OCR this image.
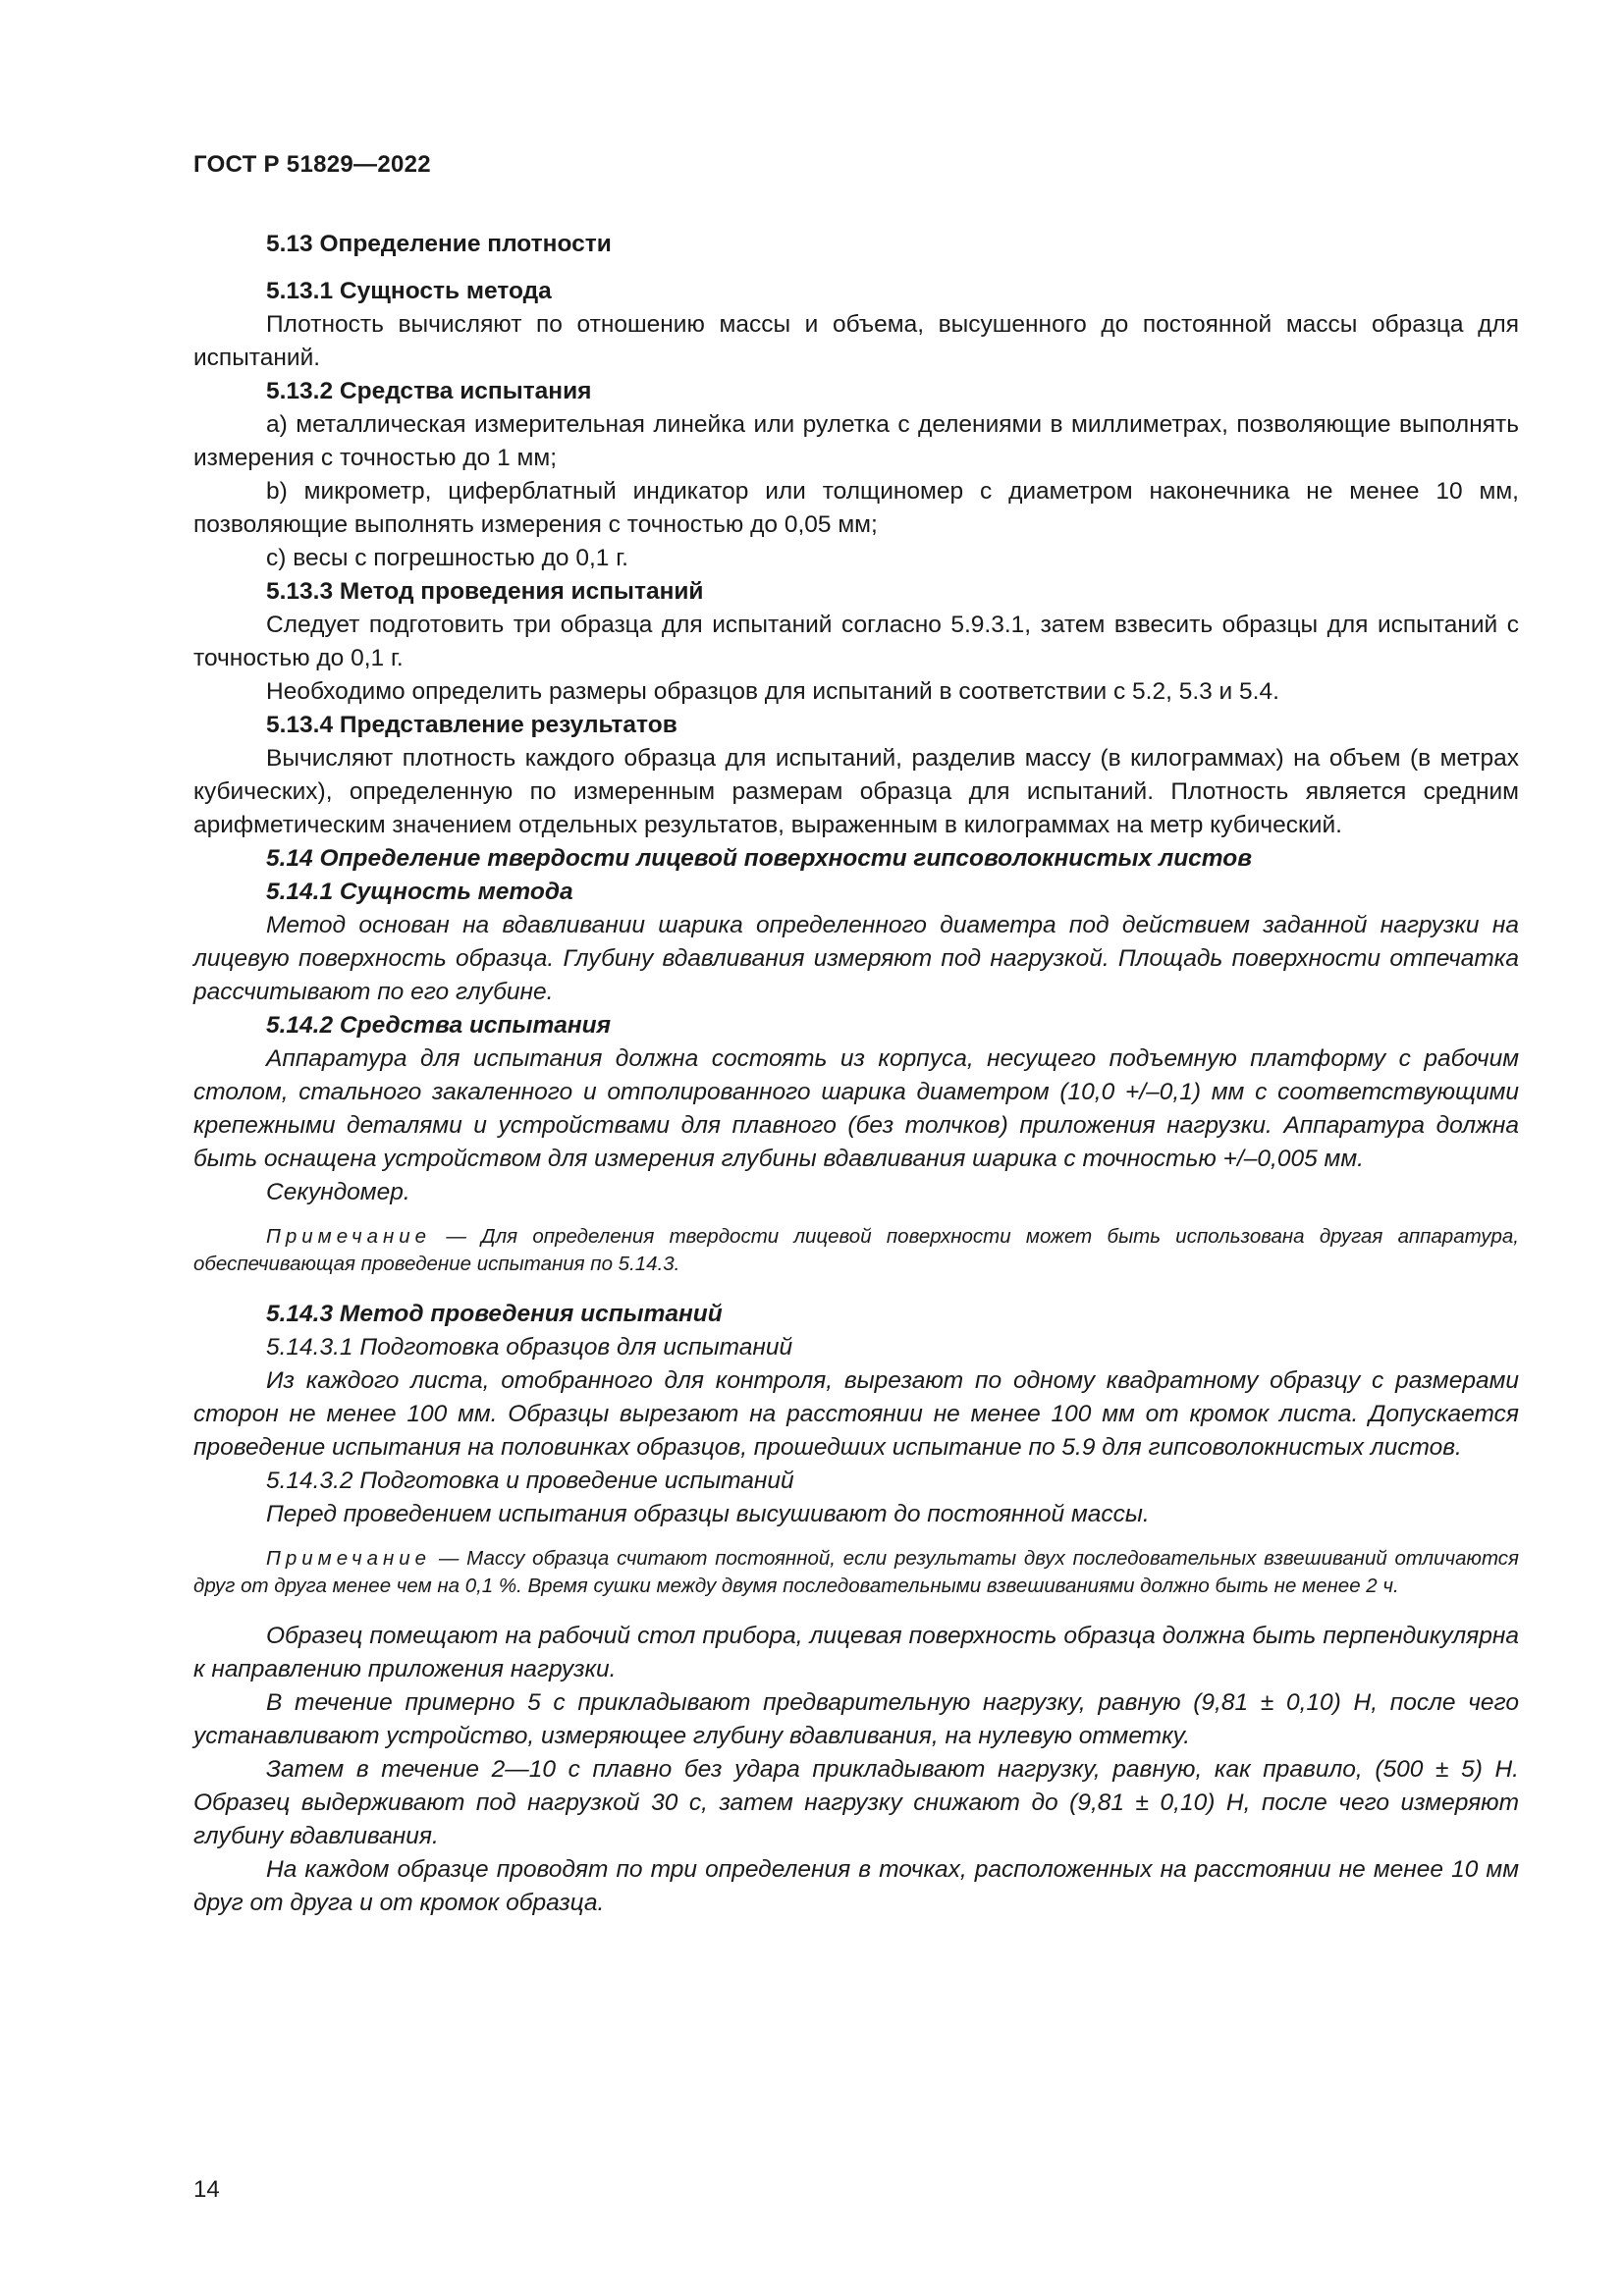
ГОСТ Р 51829—2022

5.13 Определение плотности

5.13.1 Сущность метода

Плотность вычисляют по отношению массы и объема, высушенного до постоянной массы образца для испытаний.

5.13.2 Средства испытания

а) металлическая измерительная линейка или рулетка с делениями в миллиметрах, позволяющие выполнять измерения с точностью до 1 мм;

b) микрометр, циферблатный индикатор или толщиномер с диаметром наконечника не менее 10 мм, позволяющие выполнять измерения с точностью до 0,05 мм;

с) весы с погрешностью до 0,1 г.

5.13.3 Метод проведения испытаний

Следует подготовить три образца для испытаний согласно 5.9.3.1, затем взвесить образцы для испытаний с точностью до 0,1 г.

Необходимо определить размеры образцов для испытаний в соответствии с 5.2, 5.3 и 5.4.

5.13.4 Представление результатов

Вычисляют плотность каждого образца для испытаний, разделив массу (в килограммах) на объем (в метрах кубических), определенную по измеренным размерам образца для испытаний. Плотность является средним арифметическим значением отдельных результатов, выраженным в килограммах на метр кубический.

5.14 Определение твердости лицевой поверхности гипсоволокнистых листов

5.14.1 Сущность метода

Метод основан на вдавливании шарика определенного диаметра под действием заданной нагрузки на лицевую поверхность образца. Глубину вдавливания измеряют под нагрузкой. Площадь поверхности отпечатка рассчитывают по его глубине.

5.14.2 Средства испытания

Аппаратура для испытания должна состоять из корпуса, несущего подъемную платформу с рабочим столом, стального закаленного и отполированного шарика диаметром (10,0 +/–0,1) мм с соответствующими крепежными деталями и устройствами для плавного (без толчков) приложения нагрузки. Аппаратура должна быть оснащена устройством для измерения глубины вдавливания шарика с точностью +/–0,005 мм.

Секундомер.

Примечание — Для определения твердости лицевой поверхности может быть использована другая аппаратура, обеспечивающая проведение испытания по 5.14.3.

5.14.3 Метод проведения испытаний

5.14.3.1 Подготовка образцов для испытаний

Из каждого листа, отобранного для контроля, вырезают по одному квадратному образцу с размерами сторон не менее 100 мм. Образцы вырезают на расстоянии не менее 100 мм от кромок листа. Допускается проведение испытания на половинках образцов, прошедших испытание по 5.9 для гипсоволокнистых листов.

5.14.3.2 Подготовка и проведение испытаний

Перед проведением испытания образцы высушивают до постоянной массы.

Примечание — Массу образца считают постоянной, если результаты двух последовательных взвешиваний отличаются друг от друга менее чем на 0,1 %. Время сушки между двумя последовательными взвешиваниями должно быть не менее 2 ч.

Образец помещают на рабочий стол прибора, лицевая поверхность образца должна быть перпендикулярна к направлению приложения нагрузки.

В течение примерно 5 с прикладывают предварительную нагрузку, равную (9,81 ± 0,10) Н, после чего устанавливают устройство, измеряющее глубину вдавливания, на нулевую отметку.

Затем в течение 2—10 с плавно без удара прикладывают нагрузку, равную, как правило, (500 ± 5) Н. Образец выдерживают под нагрузкой 30 с, затем нагрузку снижают до (9,81 ± 0,10) Н, после чего измеряют глубину вдавливания.

На каждом образце проводят по три определения в точках, расположенных на расстоянии не менее 10 мм друг от друга и от кромок образца.

14
